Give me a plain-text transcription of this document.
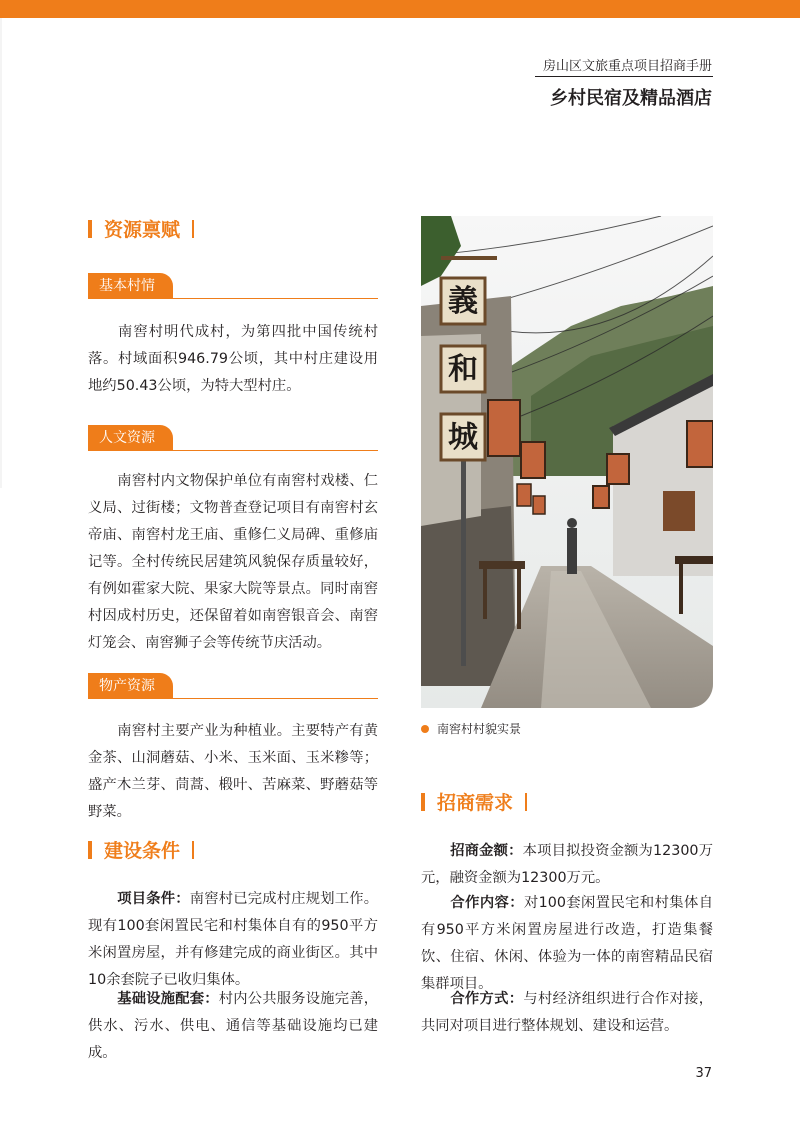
房山区文旅重点项目招商手册
乡村民宿及精品酒店
资源禀赋
基本村情

南窖村明代成村，为第四批中国传统村落。村域面积946.79公顷，其中村庄建设用地约50.43公顷，为特大型村庄。

人文资源

南窖村内文物保护单位有南窖村戏楼、仁义局、过街楼；文物普查登记项目有南窖村玄帝庙、南窖村龙王庙、重修仁义局碑、重修庙记等。全村传统民居建筑风貌保存质量较好，有例如霍家大院、果家大院等景点。同时南窖村因成村历史，还保留着如南窖银音会、南窖灯笼会、南窖狮子会等传统节庆活动。

物产资源

南窖村主要产业为种植业。主要特产有黄金茶、山洞蘑菇、小米、玉米面、玉米糁等；盛产木兰芽、茼蒿、椴叶、苦麻菜、野蘑菇等野菜。

建设条件

项目条件：南窖村已完成村庄规划工作。现有100套闲置民宅和村集体自有的950平方米闲置房屋，并有修建完成的商业街区。其中10余套院子已收归集体。

基础设施配套：村内公共服务设施完善，供水、污水、供电、通信等基础设施均已建成。

義
和
城
南窖村村貌实景
招商需求

招商金额：本项目拟投资金额为12300万元，融资金额为12300万元。

合作内容：对100套闲置民宅和村集体自有950平方米闲置房屋进行改造，打造集餐饮、住宿、休闲、体验为一体的南窖精品民宿集群项目。

合作方式：与村经济组织进行合作对接，共同对项目进行整体规划、建设和运营。

37
